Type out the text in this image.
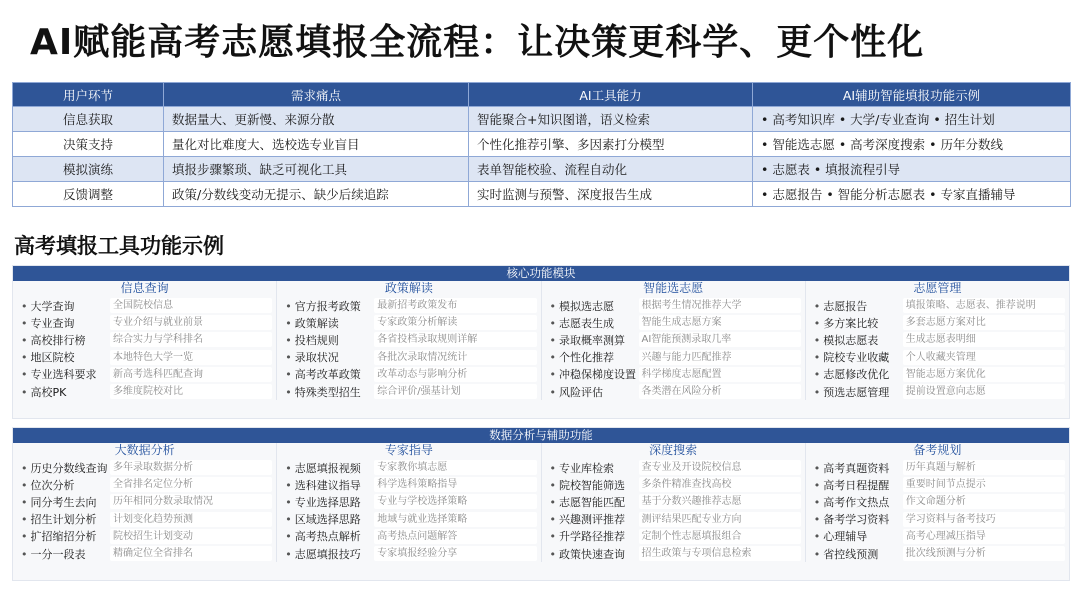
AI赋能高考志愿填报全流程：让决策更科学、更个性化
用户环节	需求痛点	AI工具能力	AI辅助智能填报功能示例
信息获取	数据量大、更新慢、来源分散	智能聚合+知识图谱，语义检索	• 高考知识库 • 大学/专业查询 • 招生计划
决策支持	量化对比难度大、选校选专业盲目	个性化推荐引擎、多因素打分模型	• 智能选志愿 • 高考深度搜索 • 历年分数线
模拟演练	填报步骤繁琐、缺乏可视化工具	表单智能校验、流程自动化	• 志愿表 • 填报流程引导
反馈调整	政策/分数线变动无提示、缺少后续追踪	实时监测与预警、深度报告生成	• 志愿报告 • 智能分析志愿表 • 专家直播辅导
高考填报工具功能示例
核心功能模块
信息查询
• 大学查询	全国院校信息
• 专业查询	专业介绍与就业前景
• 高校排行榜	综合实力与学科排名
• 地区院校	本地特色大学一览
• 专业选科要求	新高考选科匹配查询
• 高校PK	多维度院校对比
政策解读
• 官方报考政策	最新招考政策发布
• 政策解读	专家政策分析解读
• 投档规则	各省投档录取规则详解
• 录取状况	各批次录取情况统计
• 高考改革政策	改革动态与影响分析
• 特殊类型招生	综合评价/强基计划
智能选志愿
• 模拟选志愿	根据考生情况推荐大学
• 志愿表生成	智能生成志愿方案
• 录取概率测算	AI智能预测录取几率
• 个性化推荐	兴趣与能力匹配推荐
• 冲稳保梯度设置 科学梯度志愿配置
• 风险评估	各类潜在风险分析
志愿管理
• 志愿报告	填报策略、志愿表、推荐说明
• 多方案比较	多套志愿方案对比
• 模拟志愿表	生成志愿表明细
• 院校专业收藏	个人收藏夹管理
• 志愿修改优化	智能志愿方案优化
• 预选志愿管理	提前设置意向志愿
数据分析与辅助功能
大数据分析
• 历史分数线查询 多年录取数据分析
• 位次分析	全省排名定位分析
• 同分考生去向	历年相同分数录取情况
• 招生计划分析	计划变化趋势预测
• 扩招缩招分析	院校招生计划变动
• 一分一段表	精确定位全省排名
专家指导
• 志愿填报视频	专家教你填志愿
• 选科建议指导	科学选科策略指导
• 专业选择思路	专业与学校选择策略
• 区域选择思路	地域与就业选择策略
• 高考热点解析	高考热点问题解答
• 志愿填报技巧	专家填报经验分享
深度搜索
• 专业库检索	查专业及开设院校信息
• 院校智能筛选	多条件精准查找高校
• 志愿智能匹配	基于分数兴趣推荐志愿
• 兴趣测评推荐	测评结果匹配专业方向
• 升学路径推荐	定制个性志愿填报组合
• 政策快速查询	招生政策与专项信息检索
备考规划
• 高考真题资料	历年真题与解析
• 高考日程提醒	重要时间节点提示
• 高考作文热点	作文命题分析
• 备考学习资料	学习资料与备考技巧
• 心理辅导	高考心理减压指导
• 省控线预测	批次线预测与分析
